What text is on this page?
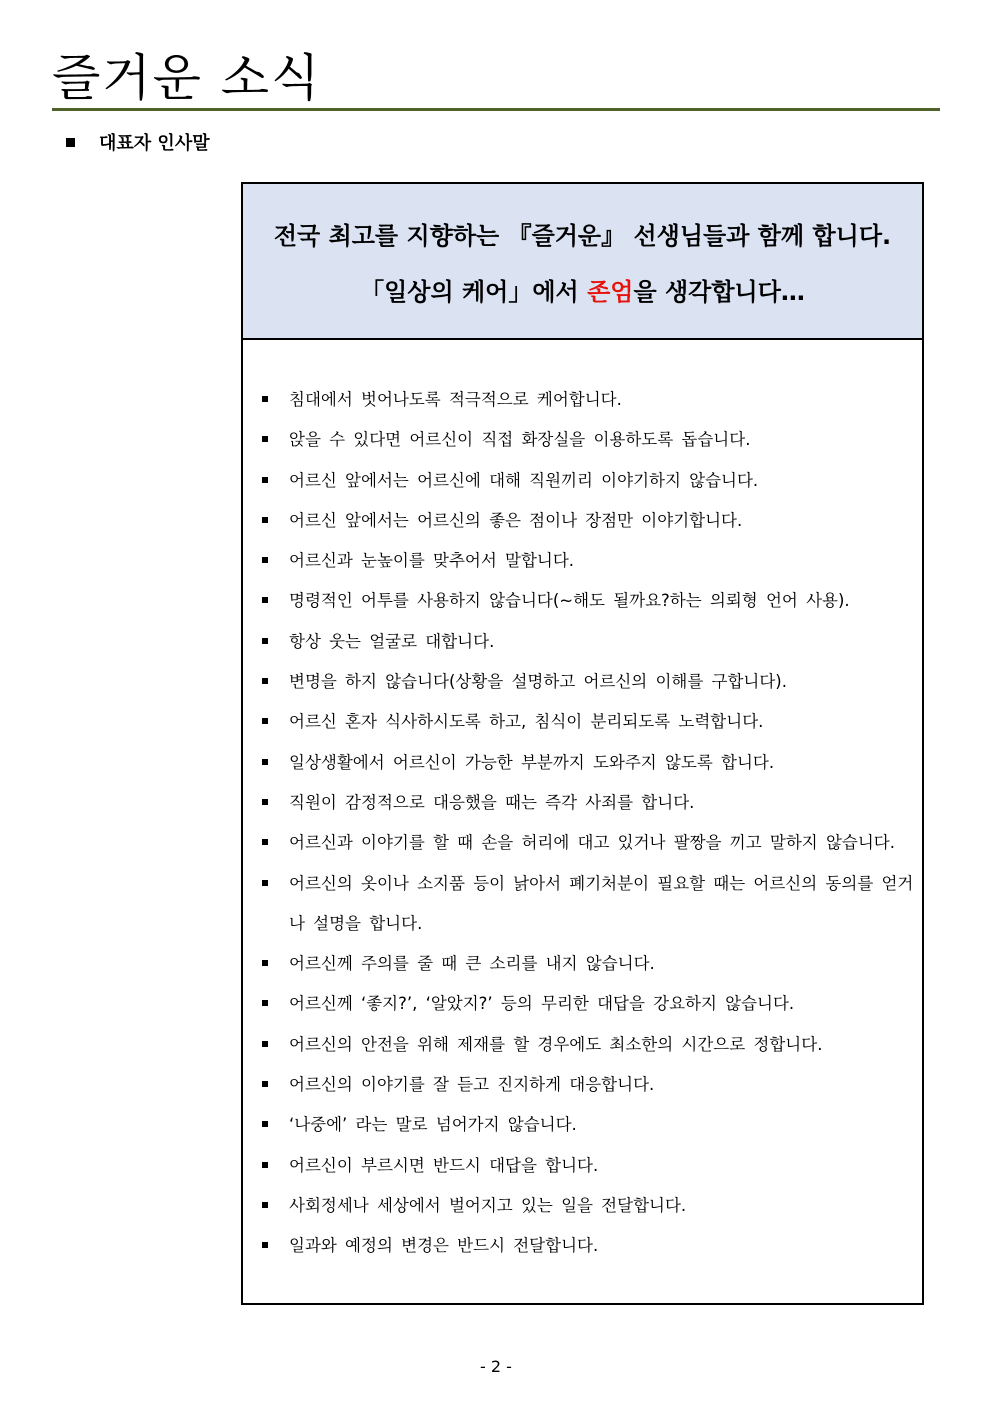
즐거운 소식
대표자 인사말
전국 최고를 지향하는 『즐거운』 선생님들과 함께 합니다.
「일상의 케어」에서 존엄을 생각합니다…
침대에서 벗어나도록 적극적으로 케어합니다.
앉을 수 있다면 어르신이 직접 화장실을 이용하도록 돕습니다.
어르신 앞에서는 어르신에 대해 직원끼리 이야기하지 않습니다.
어르신 앞에서는 어르신의 좋은 점이나 장점만 이야기합니다.
어르신과 눈높이를 맞추어서 말합니다.
명령적인 어투를 사용하지 않습니다(~해도 될까요?하는 의뢰형 언어 사용).
항상 웃는 얼굴로 대합니다.
변명을 하지 않습니다(상황을 설명하고 어르신의 이해를 구합니다).
어르신 혼자 식사하시도록 하고, 침식이 분리되도록 노력합니다.
일상생활에서 어르신이 가능한 부분까지 도와주지 않도록 합니다.
직원이 감정적으로 대응했을 때는 즉각 사죄를 합니다.
어르신과 이야기를 할 때 손을 허리에 대고 있거나 팔짱을 끼고 말하지 않습니다.
어르신의 옷이나 소지품 등이 낡아서 폐기처분이 필요할 때는 어르신의 동의를 얻거나 설명을 합니다.
어르신께 주의를 줄 때 큰 소리를 내지 않습니다.
어르신께 ‘좋지?’, ‘알았지?’ 등의 무리한 대답을 강요하지 않습니다.
어르신의 안전을 위해 제재를 할 경우에도 최소한의 시간으로 정합니다.
어르신의 이야기를 잘 듣고 진지하게 대응합니다.
‘나중에’ 라는 말로 넘어가지 않습니다.
어르신이 부르시면 반드시 대답을 합니다.
사회정세나 세상에서 벌어지고 있는 일을 전달합니다.
일과와 예정의 변경은 반드시 전달합니다.
- 2 -
